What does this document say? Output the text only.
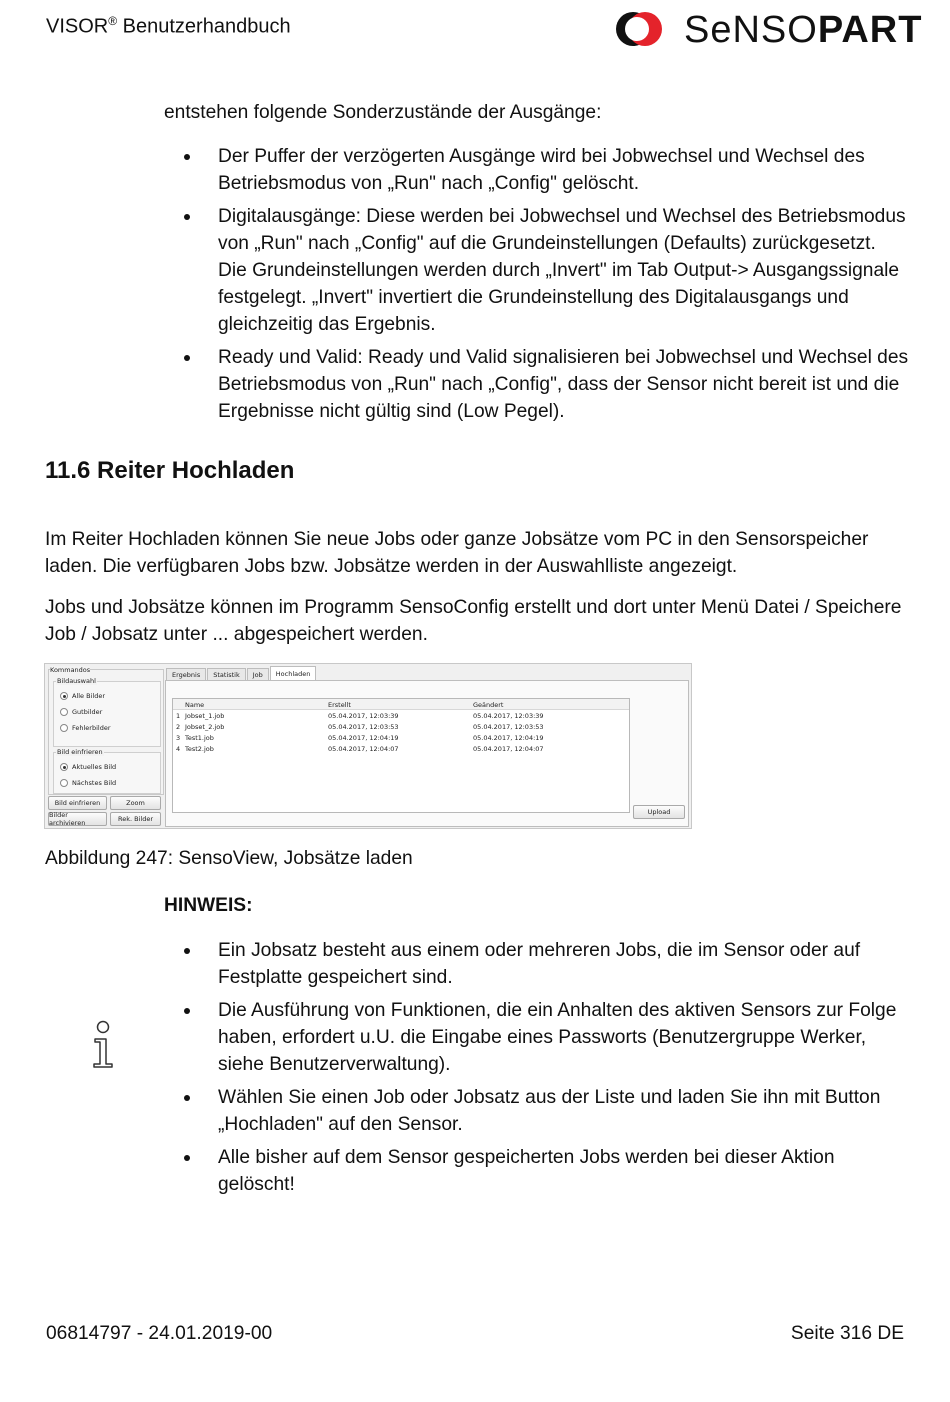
VISOR® Benutzerhandbuch	SeNSOPART
entstehen folgende Sonderzustände der Ausgänge:
Der Puffer der verzögerten Ausgänge wird bei Jobwechsel und Wechsel des Betriebsmodus von „Run" nach „Config" gelöscht.
Digitalausgänge: Diese werden bei Jobwechsel und Wechsel des Betriebsmodus von „Run" nach „Config" auf die Grundeinstellungen (Defaults) zurückgesetzt. Die Grundeinstellungen werden durch „Invert" im Tab Output-> Ausgangssignale festgelegt. „Invert" invertiert die Grundeinstellung des Digitalausgangs und gleichzeitig das Ergebnis.
Ready und Valid: Ready und Valid signalisieren bei Jobwechsel und Wechsel des Betriebsmodus von „Run" nach „Config", dass der Sensor nicht bereit ist und die Ergebnisse nicht gültig sind (Low Pegel).
11.6 Reiter Hochladen
Im Reiter Hochladen können Sie neue Jobs oder ganze Jobsätze vom PC in den Sensorspeicher laden. Die verfügbaren Jobs bzw. Jobsätze werden in der Auswahlliste angezeigt.
Jobs und Jobsätze können im Programm SensoConfig erstellt und dort unter Menü Datei / Speichere Job / Jobsatz unter ... abgespeichert werden.
Kommandos
Bildauswahl
Alle Bilder
Gutbilder
Fehlerbilder
Bild einfrieren
Aktuelles Bild
Nächstes Bild
Bild einfrieren	Zoom
Bilder archivieren	Rek. Bilder
Ergebnis	Statistik	Job	Hochladen
Name	Erstellt	Geändert
1 Jobset_1.job	05.04.2017, 12:03:39	05.04.2017, 12:03:39
2 Jobset_2.job	05.04.2017, 12:03:53	05.04.2017, 12:03:53
3 Test1.job	05.04.2017, 12:04:19	05.04.2017, 12:04:19
4 Test2.job	05.04.2017, 12:04:07	05.04.2017, 12:04:07
Upload
Abbildung 247: SensoView, Jobsätze laden
HINWEIS:
Ein Jobsatz besteht aus einem oder mehreren Jobs, die im Sensor oder auf Festplatte gespeichert sind.
Die Ausführung von Funktionen, die ein Anhalten des aktiven Sensors zur Folge haben, erfordert u.U. die Eingabe eines Passworts (Benutzergruppe Werker, siehe Benutzerverwaltung).
Wählen Sie einen Job oder Jobsatz aus der Liste und laden Sie ihn mit Button „Hochladen" auf den Sensor.
Alle bisher auf dem Sensor gespeicherten Jobs werden bei dieser Aktion gelöscht!
06814797 - 24.01.2019-00	Seite 316 DE
